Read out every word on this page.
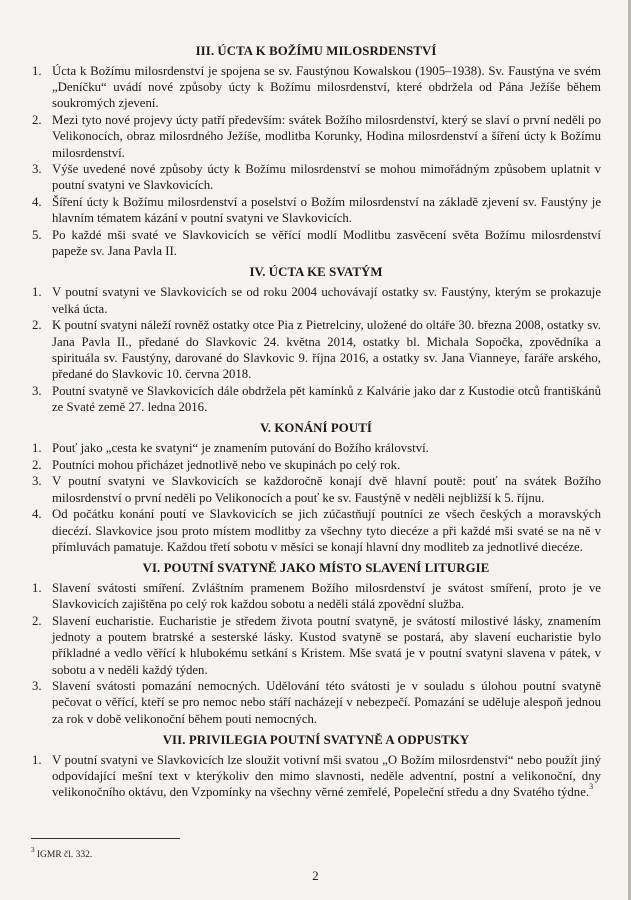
III. ÚCTA K BOŽÍMU MILOSRDENSTVÍ
1. Úcta k Božímu milosrdenství je spojena se sv. Faustýnou Kowalskou (1905–1938). Sv. Faustýna ve svém „Deníčku“ uvádí nové způsoby úcty k Božímu milosrdenství, které obdržela od Pána Ježíše během soukromých zjevení.
2. Mezi tyto nové projevy úcty patří především: svátek Božího milosrdenství, který se slaví o první neděli po Velikonocích, obraz milosrdného Ježíše, modlitba Korunky, Hodina milosrdenství a šíření úcty k Božímu milosrdenství.
3. Výše uvedené nové způsoby úcty k Božímu milosrdenství se mohou mimořádným způsobem uplatnit v poutní svatyni ve Slavkovicích.
4. Šíření úcty k Božímu milosrdenství a poselství o Božím milosrdenství na základě zjevení sv. Faustýny je hlavním tématem kázání v poutní svatyni ve Slavkovicích.
5. Po každé mši svaté ve Slavkovicích se věřící modlí Modlitbu zasvěcení světa Božímu milosrdenství papeže sv. Jana Pavla II.
IV. ÚCTA KE SVATÝM
1. V poutní svatyni ve Slavkovicích se od roku 2004 uchovávají ostatky sv. Faustýny, kterým se prokazuje velká úcta.
2. K poutní svatyni náleží rovněž ostatky otce Pia z Pietrelciny, uložené do oltáře 30. března 2008, ostatky sv. Jana Pavla II., předané do Slavkovic 24. května 2014, ostatky bl. Michala Sopočka, zpovědníka a spirituála sv. Faustýny, darované do Slavkovic 9. října 2016, a ostatky sv. Jana Vianneye, faráře arského, předané do Slavkovic 10. června 2018.
3. Poutní svatyně ve Slavkovicích dále obdržela pět kamínků z Kalvárie jako dar z Kustodie otců františkánů ze Svaté země 27. ledna 2016.
V. KONÁNÍ POUTÍ
1. Pouť jako „cesta ke svatyni“ je znamením putování do Božího království.
2. Poutníci mohou přicházet jednotlivě nebo ve skupinách po celý rok.
3. V poutní svatyni ve Slavkovicích se každoročně konají dvě hlavní poutě: pouť na svátek Božího milosrdenství o první neděli po Velikonocích a pouť ke sv. Faustýně v neděli nejbližší k 5. říjnu.
4. Od počátku konání poutí ve Slavkovicích se jich zúčastňují poutníci ze všech českých a moravských diecézí. Slavkovice jsou proto místem modlitby za všechny tyto diecéze a při každé mši svaté se na ně v přímluvách pamatuje. Každou třetí sobotu v měsíci se konají hlavní dny modliteb za jednotlivé diecéze.
VI. POUTNÍ SVATYNĚ JAKO MÍSTO SLAVENÍ LITURGIE
1. Slavení svátosti smíření. Zvláštním pramenem Božího milosrdenství je svátost smíření, proto je ve Slavkovicích zajištěna po celý rok každou sobotu a neděli stálá zpovědní služba.
2. Slavení eucharistie. Eucharistie je středem života poutní svatyně, je svátostí milostivé lásky, znamením jednoty a poutem bratrské a sesterské lásky. Kustod svatyně se postará, aby slavení eucharistie bylo příkladné a vedlo věřící k hlubokému setkání s Kristem. Mše svatá je v poutní svatyni slavena v pátek, v sobotu a v neděli každý týden.
3. Slavení svátosti pomazání nemocných. Udělování této svátosti je v souladu s úlohou poutní svatyně pečovat o věřící, kteří se pro nemoc nebo stáří nacházejí v nebezpečí. Pomazání se uděluje alespoň jednou za rok v době velikonoční během pouti nemocných.
VII. PRIVILEGIA POUTNÍ SVATYNĚ A ODPUSTKY
1. V poutní svatyni ve Slavkovicích lze sloužit votivní mši svatou „O Božím milosrdenství“ nebo použít jiný odpovídající mešní text v kterýkoliv den mimo slavnosti, neděle adventní, postní a velikonoční, dny velikonočního oktávu, den Vzpomínky na všechny věrné zemřelé, Popeleční středu a dny Svatého týdne.$^3$
$^3$ IGMR čl. 332.
2
